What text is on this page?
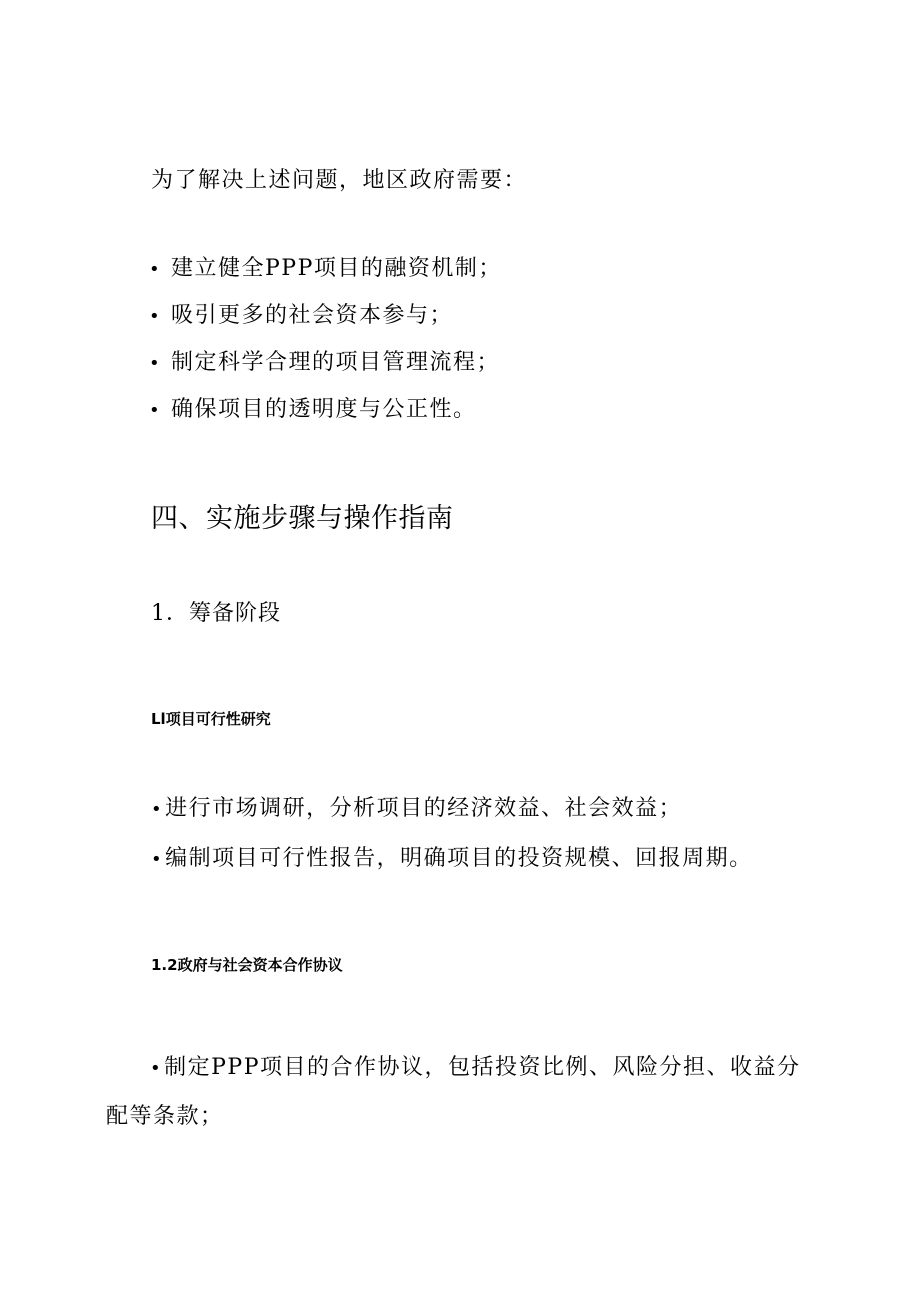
为了解决上述问题，地区政府需要：
• 建立健全PPP项目的融资机制；
• 吸引更多的社会资本参与；
• 制定科学合理的项目管理流程；
• 确保项目的透明度与公正性。
四、实施步骤与操作指南
1．筹备阶段
Ll项目可行性研究
•进行市场调研，分析项目的经济效益、社会效益；
•编制项目可行性报告，明确项目的投资规模、回报周期。
1.2政府与社会资本合作协议
•制定PPP项目的合作协议，包括投资比例、风险分担、收益分配等条款；
